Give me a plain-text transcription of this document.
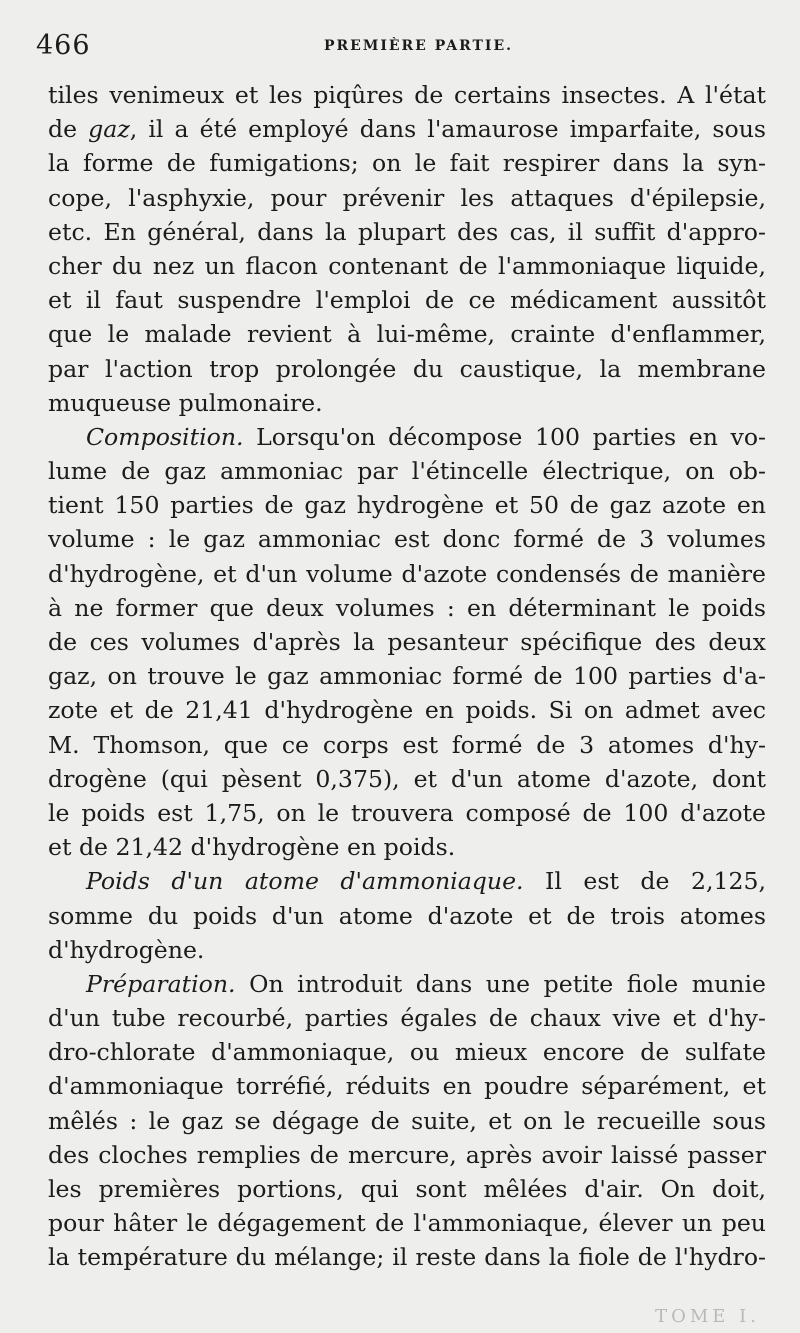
466	PREMIÈRE PARTIE.
tiles venimeux et les piqûres de certains insectes. A l'état
de gaz, il a été employé dans l'amaurose imparfaite, sous
la forme de fumigations; on le fait respirer dans la syn-
cope, l'asphyxie, pour prévenir les attaques d'épilepsie,
etc. En général, dans la plupart des cas, il suffit d'appro-
cher du nez un flacon contenant de l'ammoniaque liquide,
et il faut suspendre l'emploi de ce médicament aussitôt
que le malade revient à lui-même, crainte d'enflammer,
par l'action trop prolongée du caustique, la membrane
muqueuse pulmonaire.
Composition. Lorsqu'on décompose 100 parties en vo-
lume de gaz ammoniac par l'étincelle électrique, on ob-
tient 150 parties de gaz hydrogène et 50 de gaz azote en
volume : le gaz ammoniac est donc formé de 3 volumes
d'hydrogène, et d'un volume d'azote condensés de manière
à ne former que deux volumes : en déterminant le poids
de ces volumes d'après la pesanteur spécifique des deux
gaz, on trouve le gaz ammoniac formé de 100 parties d'a-
zote et de 21,41 d'hydrogène en poids. Si on admet avec
M. Thomson, que ce corps est formé de 3 atomes d'hy-
drogène (qui pèsent 0,375), et d'un atome d'azote, dont
le poids est 1,75, on le trouvera composé de 100 d'azote
et de 21,42 d'hydrogène en poids.
Poids d'un atome d'ammoniaque. Il est de 2,125,
somme du poids d'un atome d'azote et de trois atomes
d'hydrogène.
Préparation. On introduit dans une petite fiole munie
d'un tube recourbé, parties égales de chaux vive et d'hy-
dro-chlorate d'ammoniaque, ou mieux encore de sulfate
d'ammoniaque torréfié, réduits en poudre séparément, et
mêlés : le gaz se dégage de suite, et on le recueille sous
des cloches remplies de mercure, après avoir laissé passer
les premières portions, qui sont mêlées d'air. On doit,
pour hâter le dégagement de l'ammoniaque, élever un peu
la température du mélange; il reste dans la fiole de l'hydro-
TOME I.
